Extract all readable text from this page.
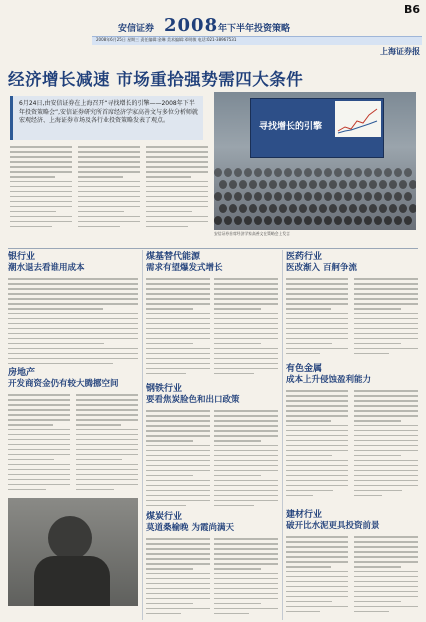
B6
安信证券 2008 年下半年投资策略
2008年6月25日 星期三 责任编辑:金琳 美术编辑:邓明敏 电话:021-38967531
上海证券报
经济增长减速 市场重拾强势需四大条件
6月24日,由安信证券在上海召开“寻找增长的引擎——2008年下半年投资策略会”,安信证券研究所首席经济学家高善文与多位分析师就宏观经济、上海证券市场及各行业投资策略发表了观点。
寻找增长的引擎
安信证券首席经济学家高善文在策略会上发言
银行业
潮水退去看谁用成本
房地产
开发商资金仍有较大腾挪空间
煤基替代能源
需求有望爆发式增长
钢铁行业
要看焦炭脸色和出口政策
煤炭行业
莫道桑榆晚 为霞尚满天
医药行业
医改渐入 百舸争流
有色金属
成本上升侵蚀盈利能力
建材行业
破开比水泥更具投资前景
